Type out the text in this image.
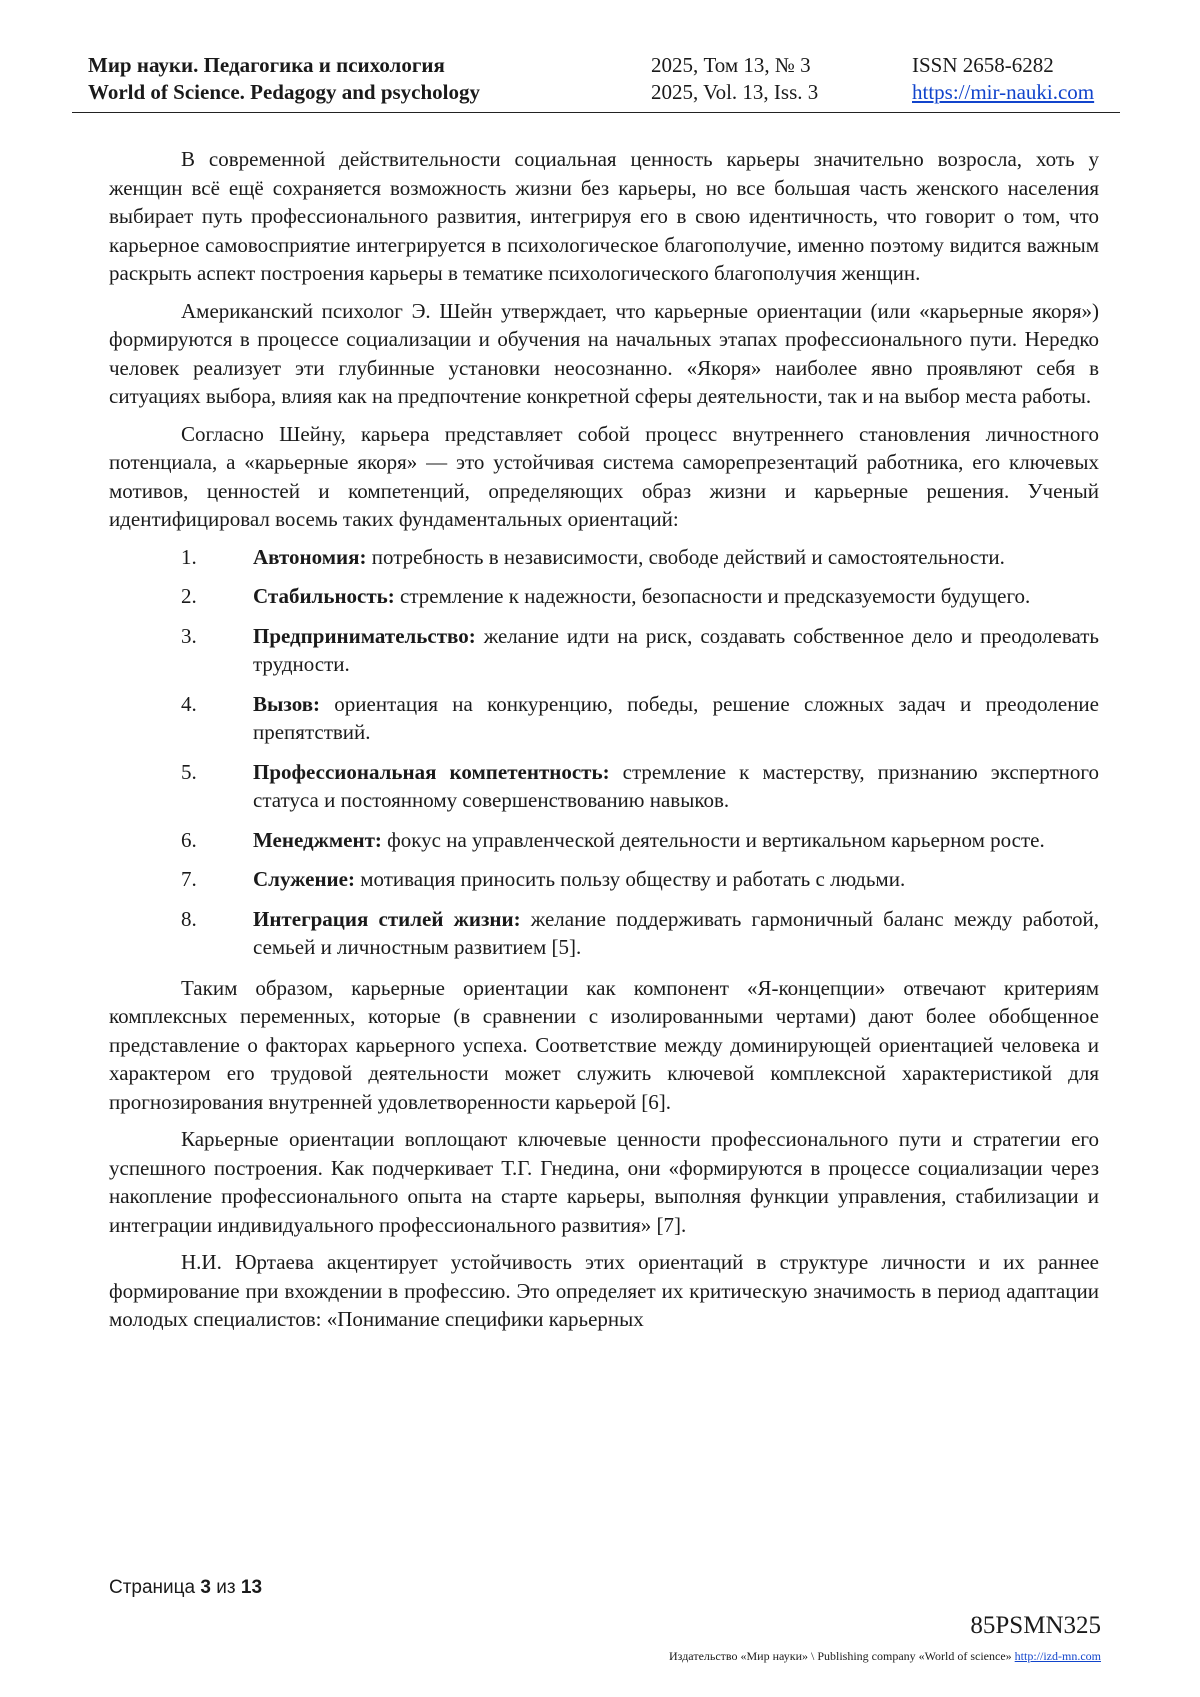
Мир науки. Педагогика и психология
World of Science. Pedagogy and psychology
2025, Том 13, № 3
2025, Vol. 13, Iss. 3
ISSN 2658-6282
https://mir-nauki.com

В современной действительности социальная ценность карьеры значительно возросла, хоть у женщин всё ещё сохраняется возможность жизни без карьеры, но все большая часть женского населения выбирает путь профессионального развития, интегрируя его в свою идентичность, что говорит о том, что карьерное самовосприятие интегрируется в психологическое благополучие, именно поэтому видится важным раскрыть аспект построения карьеры в тематике психологического благополучия женщин.

Американский психолог Э. Шейн утверждает, что карьерные ориентации (или «карьерные якоря») формируются в процессе социализации и обучения на начальных этапах профессионального пути. Нередко человек реализует эти глубинные установки неосознанно. «Якоря» наиболее явно проявляют себя в ситуациях выбора, влияя как на предпочтение конкретной сферы деятельности, так и на выбор места работы.

Согласно Шейну, карьера представляет собой процесс внутреннего становления личностного потенциала, а «карьерные якоря» — это устойчивая система саморепрезентаций работника, его ключевых мотивов, ценностей и компетенций, определяющих образ жизни и карьерные решения. Ученый идентифицировал восемь таких фундаментальных ориентаций:

1.	Автономия: потребность в независимости, свободе действий и самостоятельности.
2.	Стабильность: стремление к надежности, безопасности и предсказуемости будущего.
3.	Предпринимательство: желание идти на риск, создавать собственное дело и преодолевать трудности.
4.	Вызов: ориентация на конкуренцию, победы, решение сложных задач и преодоление препятствий.
5.	Профессиональная компетентность: стремление к мастерству, признанию экспертного статуса и постоянному совершенствованию навыков.
6.	Менеджмент: фокус на управленческой деятельности и вертикальном карьерном росте.
7.	Служение: мотивация приносить пользу обществу и работать с людьми.
8.	Интеграция стилей жизни: желание поддерживать гармоничный баланс между работой, семьей и личностным развитием [5].

Таким образом, карьерные ориентации как компонент «Я-концепции» отвечают критериям комплексных переменных, которые (в сравнении с изолированными чертами) дают более обобщенное представление о факторах карьерного успеха. Соответствие между доминирующей ориентацией человека и характером его трудовой деятельности может служить ключевой комплексной характеристикой для прогнозирования внутренней удовлетворенности карьерой [6].

Карьерные ориентации воплощают ключевые ценности профессионального пути и стратегии его успешного построения. Как подчеркивает Т.Г. Гнедина, они «формируются в процессе социализации через накопление профессионального опыта на старте карьеры, выполняя функции управления, стабилизации и интеграции индивидуального профессионального развития» [7].

Н.И. Юртаева акцентирует устойчивость этих ориентаций в структуре личности и их раннее формирование при вхождении в профессию. Это определяет их критическую значимость в период адаптации молодых специалистов: «Понимание специфики карьерных

Страница 3 из 13
85PSMN325
Издательство «Мир науки» \ Publishing company «World of science» http://izd-mn.com
